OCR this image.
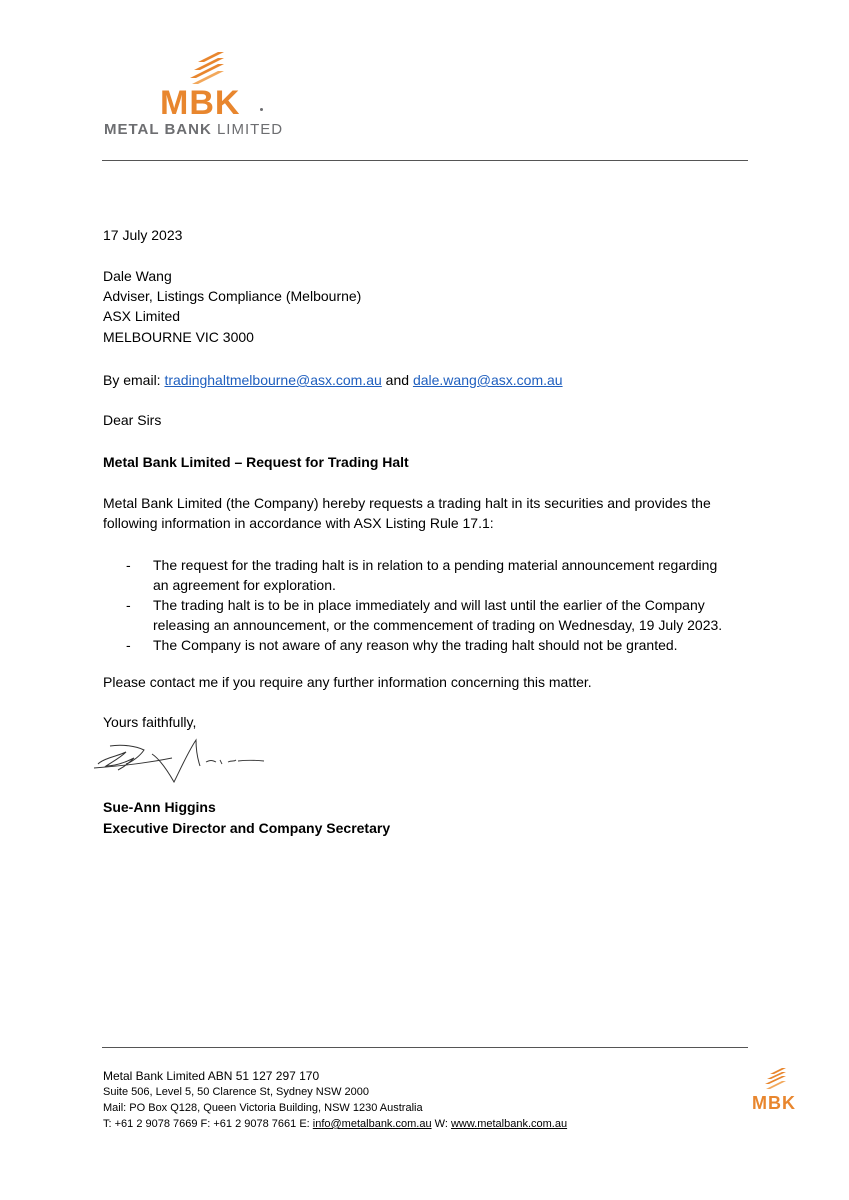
MBK
METAL BANK LIMITED
17 July 2023
Dale Wang
Adviser, Listings Compliance (Melbourne)
ASX Limited
MELBOURNE VIC 3000
By email: tradinghaltmelbourne@asx.com.au and dale.wang@asx.com.au
Dear Sirs
Metal Bank Limited – Request for Trading Halt
Metal Bank Limited (the Company) hereby requests a trading halt in its securities and provides the
following information in accordance with ASX Listing Rule 17.1:
- The request for the trading halt is in relation to a pending material announcement regarding
an agreement for exploration.
- The trading halt is to be in place immediately and will last until the earlier of the Company
releasing an announcement, or the commencement of trading on Wednesday, 19 July 2023.
- The Company is not aware of any reason why the trading halt should not be granted.
Please contact me if you require any further information concerning this matter.
Yours faithfully,
Sue-Ann Higgins
Executive Director and Company Secretary
Metal Bank Limited ABN 51 127 297 170
Suite 506, Level 5, 50 Clarence St, Sydney NSW 2000
Mail: PO Box Q128, Queen Victoria Building, NSW 1230 Australia
T: +61 2 9078 7669 F: +61 2 9078 7661 E: info@metalbank.com.au W: www.metalbank.com.au
MBK
